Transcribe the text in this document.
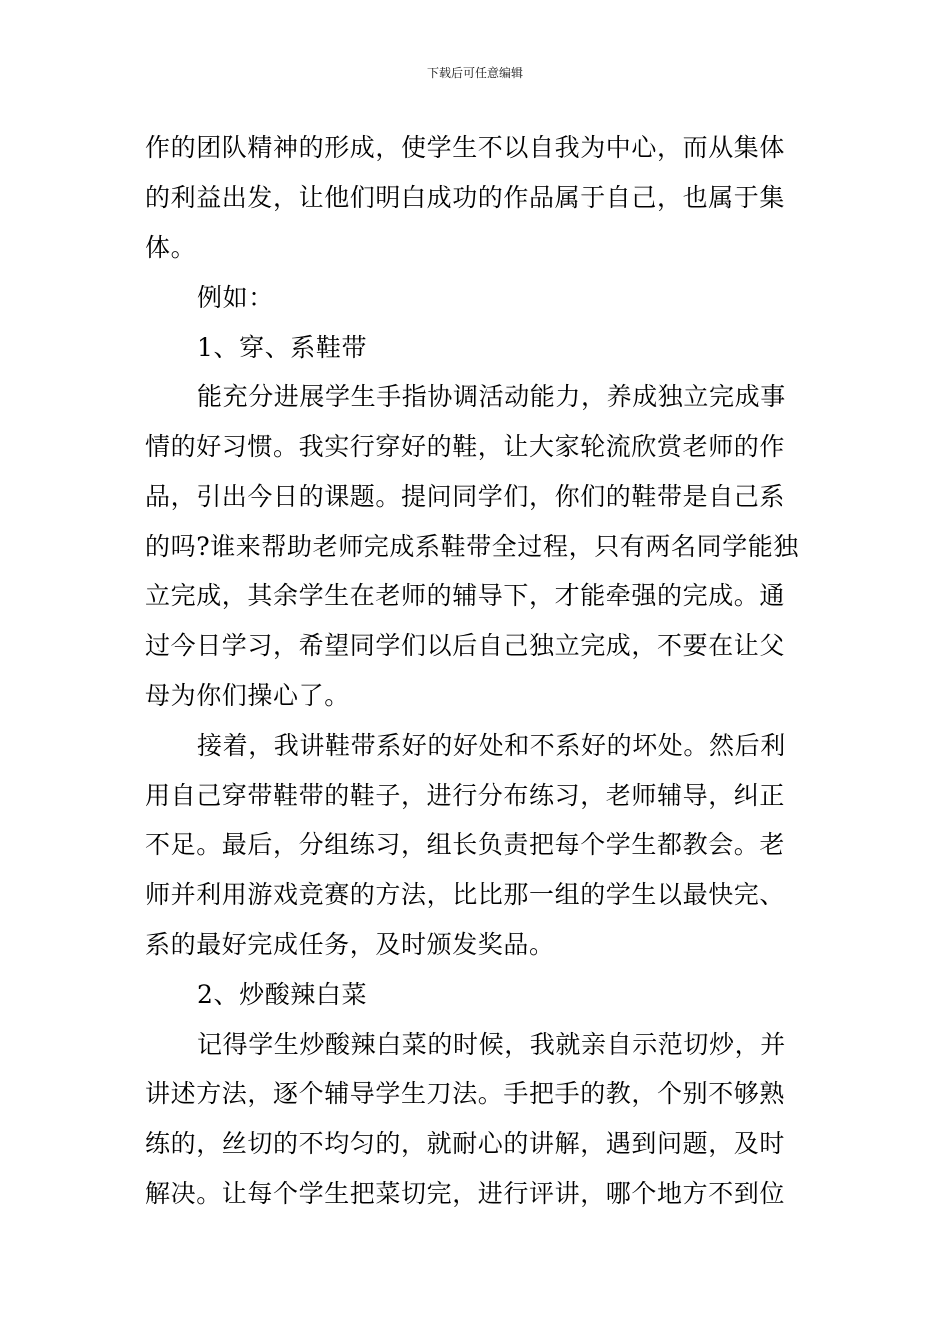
下载后可任意编辑
作的团队精神的形成，使学生不以自我为中心，而从集体
的利益出发，让他们明白成功的作品属于自己，也属于集
体。
例如：
1、穿、系鞋带
能充分进展学生手指协调活动能力，养成独立完成事
情的好习惯。我实行穿好的鞋，让大家轮流欣赏老师的作
品，引出今日的课题。提问同学们，你们的鞋带是自己系
的吗?谁来帮助老师完成系鞋带全过程，只有两名同学能独
立完成，其余学生在老师的辅导下，才能牵强的完成。通
过今日学习，希望同学们以后自己独立完成，不要在让父
母为你们操心了。
接着，我讲鞋带系好的好处和不系好的坏处。然后利
用自己穿带鞋带的鞋子，进行分布练习，老师辅导，纠正
不足。最后，分组练习，组长负责把每个学生都教会。老
师并利用游戏竞赛的方法，比比那一组的学生以最快完、
系的最好完成任务，及时颁发奖品。
2、炒酸辣白菜
记得学生炒酸辣白菜的时候，我就亲自示范切炒，并
讲述方法，逐个辅导学生刀法。手把手的教，个别不够熟
练的，丝切的不均匀的，就耐心的讲解，遇到问题，及时
解决。让每个学生把菜切完，进行评讲，哪个地方不到位
